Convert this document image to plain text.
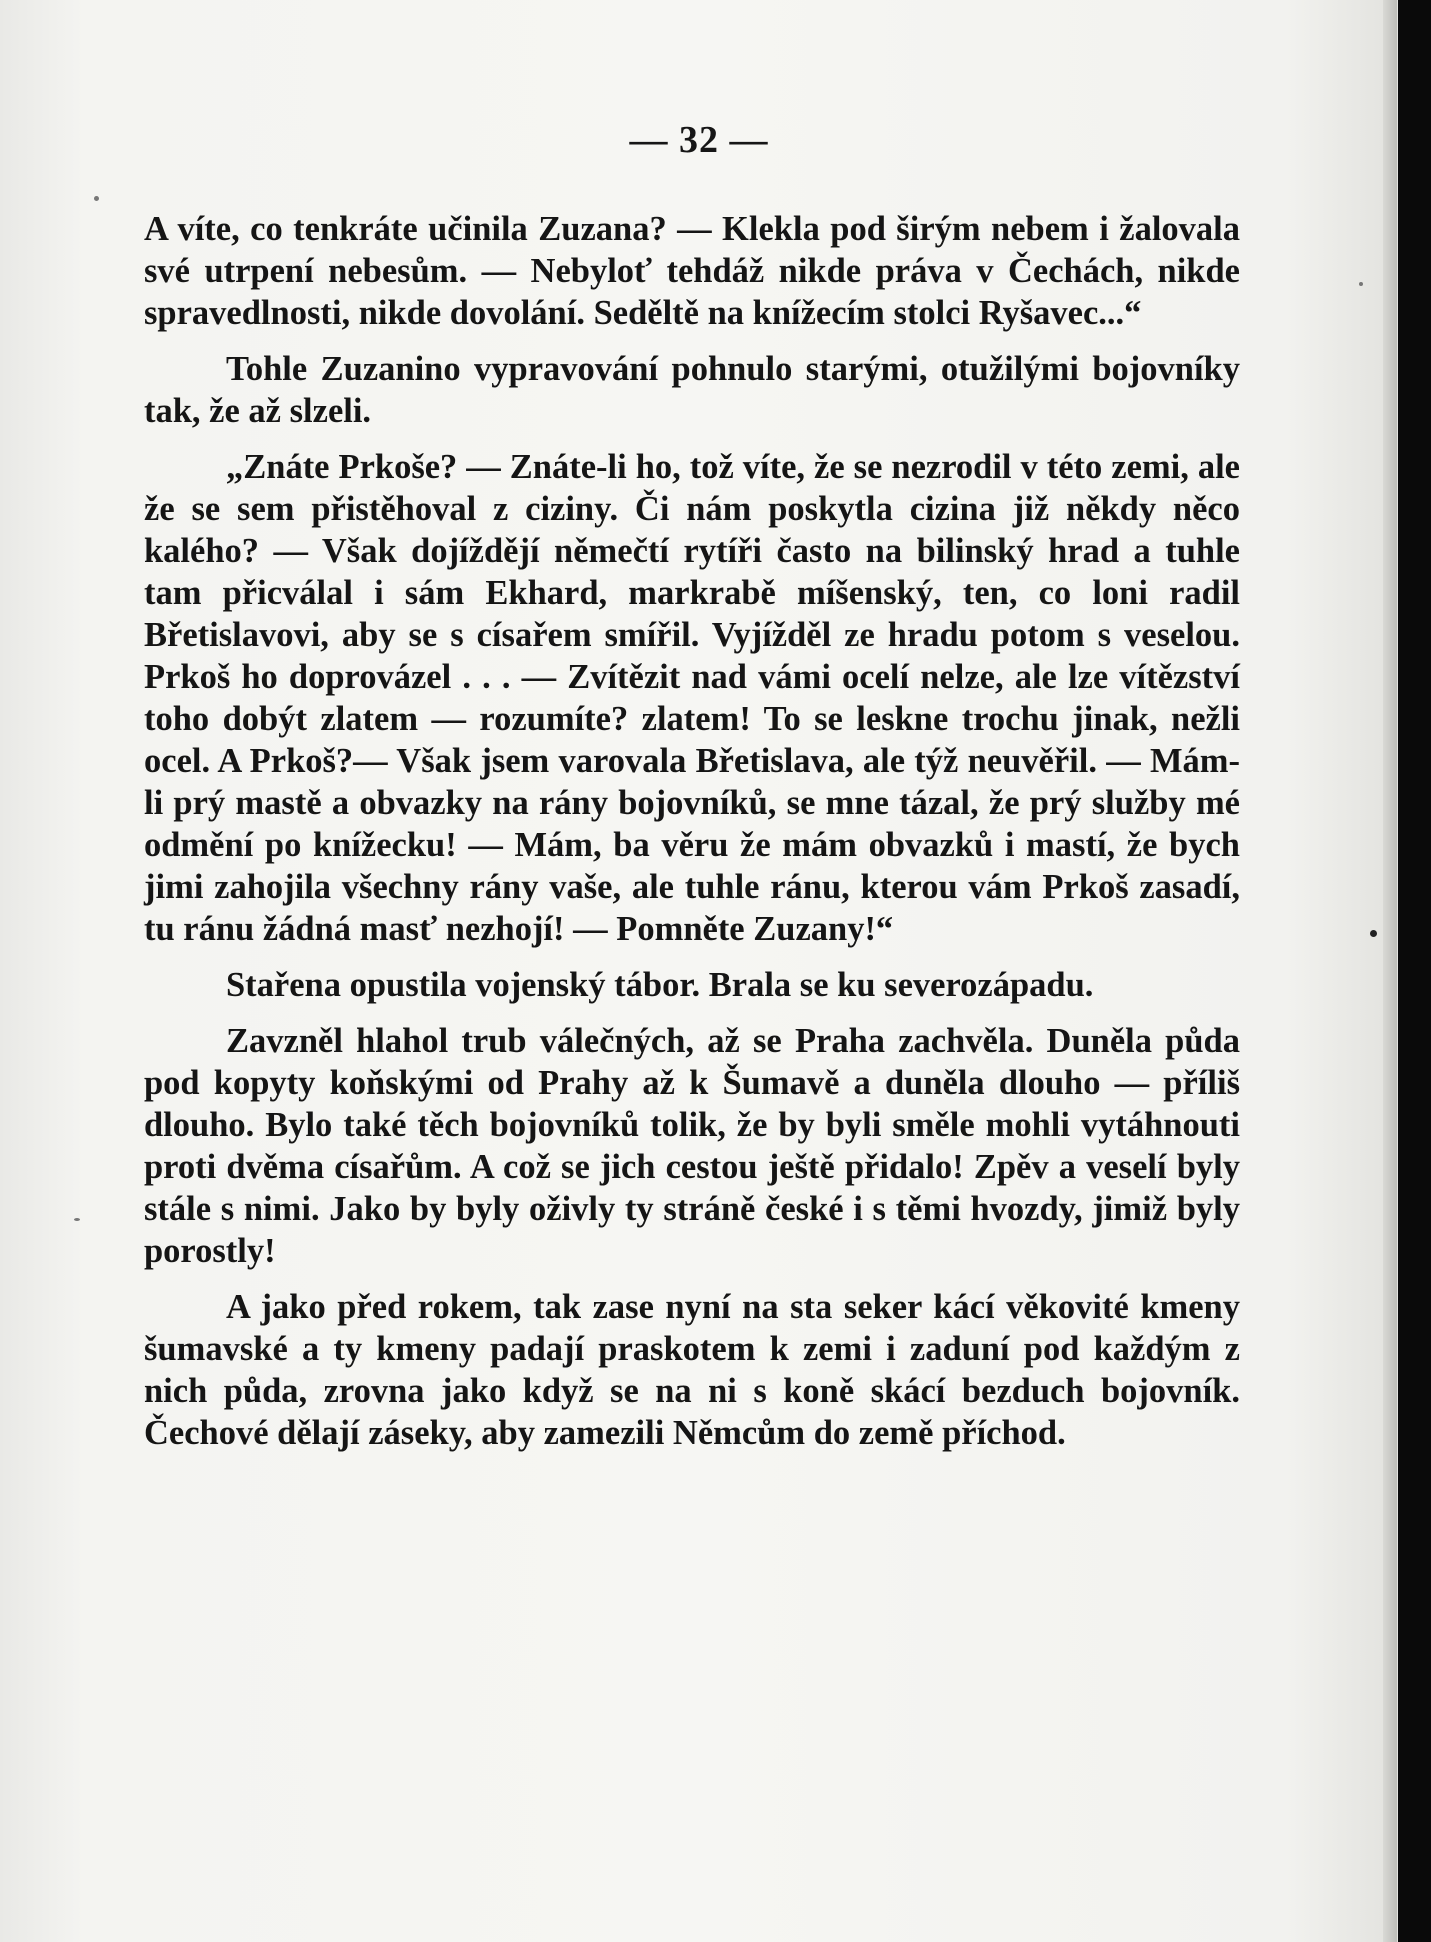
— 32 —

A víte, co tenkráte učinila Zuzana? — Klekla pod širým nebem i žalovala své utrpení nebesům. — Nebyloť tehdáž nikde práva v Čechách, nikde spravedlnosti, nikde dovolání. Seděltě na knížecím stolci Ryšavec...“

Tohle Zuzanino vypravování pohnulo starými, otužilými bojovníky tak, že až slzeli.

„Znáte Prkoše? — Znáte-li ho, tož víte, že se nezrodil v této zemi, ale že se sem přistěhoval z ciziny. Či nám poskytla cizina již někdy něco kalého? — Však dojíždějí němečtí rytíři často na bilinský hrad a tuhle tam přicválal i sám Ekhard, markrabě míšenský, ten, co loni radil Břetislavovi, aby se s císařem smířil. Vyjížděl ze hradu potom s veselou. Prkoš ho doprovázel . . . — Zvítězit nad vámi ocelí nelze, ale lze vítězství toho dobýt zlatem — rozumíte? zlatem! To se leskne trochu jinak, nežli ocel. A Prkoš?— Však jsem varovala Břetislava, ale týž neuvěřil. — Mám-li prý mastě a obvazky na rány bojovníků, se mne tázal, že prý služby mé odmění po knížecku! — Mám, ba věru že mám obvazků i mastí, že bych jimi zahojila všechny rány vaše, ale tuhle ránu, kterou vám Prkoš zasadí, tu ránu žádná masť nezhojí! — Pomněte Zuzany!“

Stařena opustila vojenský tábor. Brala se ku severozápadu.

Zavzněl hlahol trub válečných, až se Praha zachvěla. Duněla půda pod kopyty koňskými od Prahy až k Šumavě a duněla dlouho — příliš dlouho. Bylo také těch bojovníků tolik, že by byli směle mohli vytáhnouti proti dvěma císařům. A což se jich cestou ještě přidalo! Zpěv a veselí byly stále s nimi. Jako by byly oživly ty stráně české i s těmi hvozdy, jimiž byly porostly!

A jako před rokem, tak zase nyní na sta seker kácí věkovité kmeny šumavské a ty kmeny padají praskotem k zemi i zaduní pod každým z nich půda, zrovna jako když se na ni s koně skácí bezduch bojovník. Čechové dělají záseky, aby zamezili Němcům do země příchod.
